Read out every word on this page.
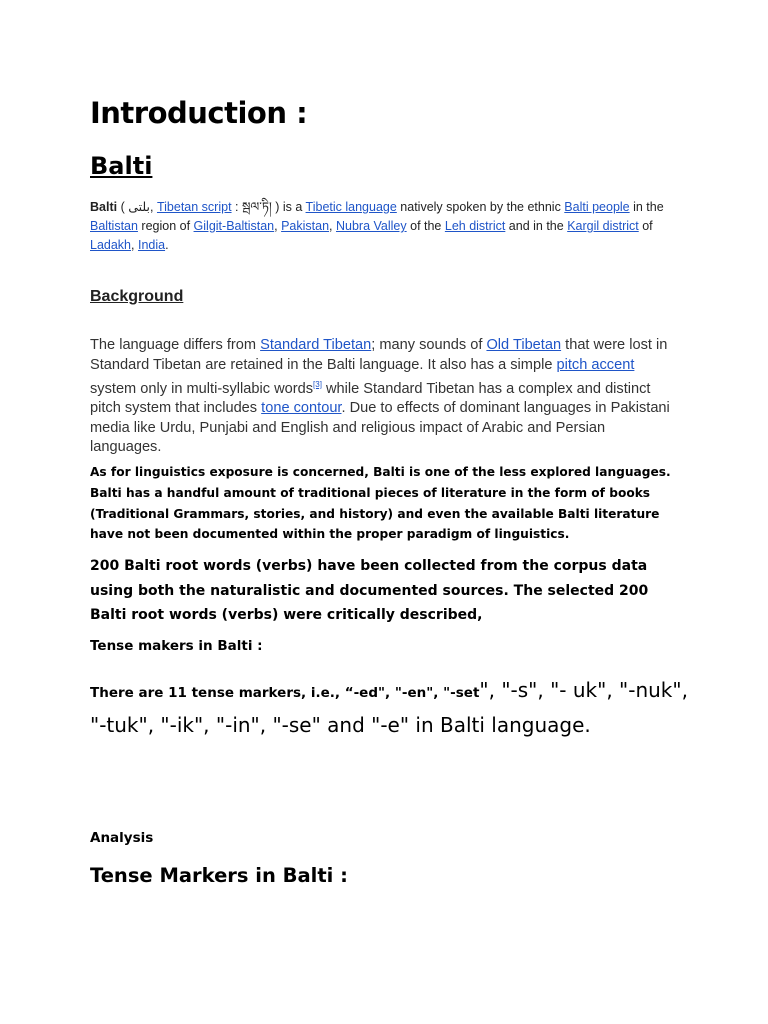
Introduction :
Balti

Balti ( بلتی, Tibetan script : སྦལ་ཏི། ) is a Tibetic language natively spoken by the ethnic Balti people in the Baltistan region of Gilgit-Baltistan, Pakistan, Nubra Valley of the Leh district and in the Kargil district of Ladakh, India.

Background

The language differs from Standard Tibetan; many sounds of Old Tibetan that were lost in Standard Tibetan are retained in the Balti language. It also has a simple pitch accent system only in multi-syllabic words[3] while Standard Tibetan has a complex and distinct pitch system that includes tone contour. Due to effects of dominant languages in Pakistani media like Urdu, Punjabi and English and religious impact of Arabic and Persian languages.

As for linguistics exposure is concerned, Balti is one of the less explored languages. Balti has a handful amount of traditional pieces of literature in the form of books (Traditional Grammars, stories, and history) and even the available Balti literature have not been documented within the proper paradigm of linguistics.

200 Balti root words (verbs) have been collected from the corpus data using both the naturalistic and documented sources. The selected 200 Balti root words (verbs) were critically described,

Tense makers in Balti :

There are 11 tense markers, i.e., “-ed", "-en", "-set", "-s", "- uk", "-nuk", "-tuk", "-ik", "-in", "-se" and "-e" in Balti language.

Analysis
Tense Markers in Balti :
